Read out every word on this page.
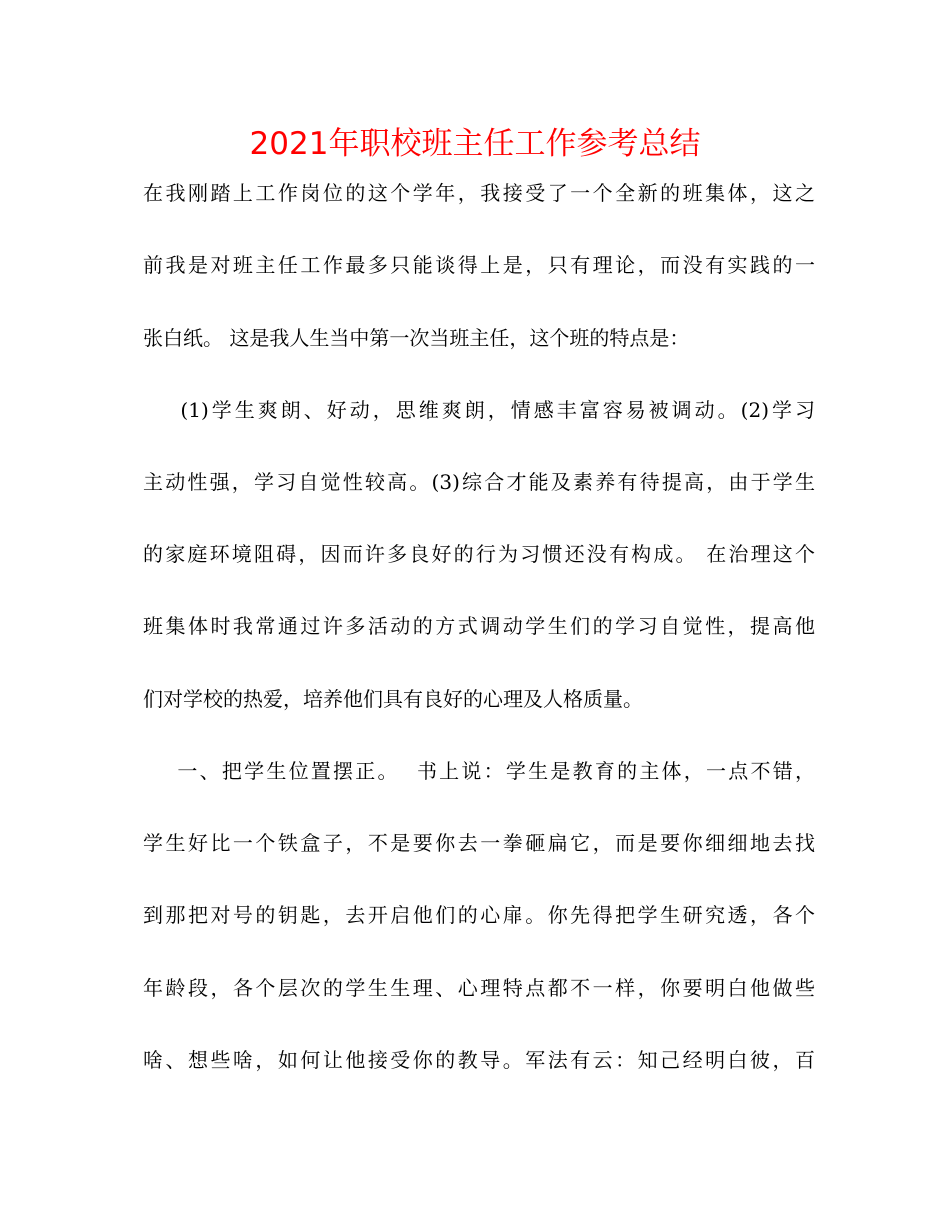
2021年职校班主任工作参考总结

在我刚踏上工作岗位的这个学年，我接受了一个全新的班集体，这之

前我是对班主任工作最多只能谈得上是，只有理论，而没有实践的一

张白纸。 这是我人生当中第一次当班主任，这个班的特点是：

(1)学生爽朗、好动，思维爽朗，情感丰富容易被调动。(2)学习

主动性强，学习自觉性较高。(3)综合才能及素养有待提高，由于学生

的家庭环境阻碍，因而许多良好的行为习惯还没有构成。 在治理这个

班集体时我常通过许多活动的方式调动学生们的学习自觉性，提高他

们对学校的热爱，培养他们具有良好的心理及人格质量。

一、把学生位置摆正。  书上说：学生是教育的主体，一点不错，

学生好比一个铁盒子，不是要你去一拳砸扁它，而是要你细细地去找

到那把对号的钥匙，去开启他们的心扉。你先得把学生研究透，各个

年龄段，各个层次的学生生理、心理特点都不一样，你要明白他做些

啥、想些啥，如何让他接受你的教导。军法有云：知己经明白彼，百
